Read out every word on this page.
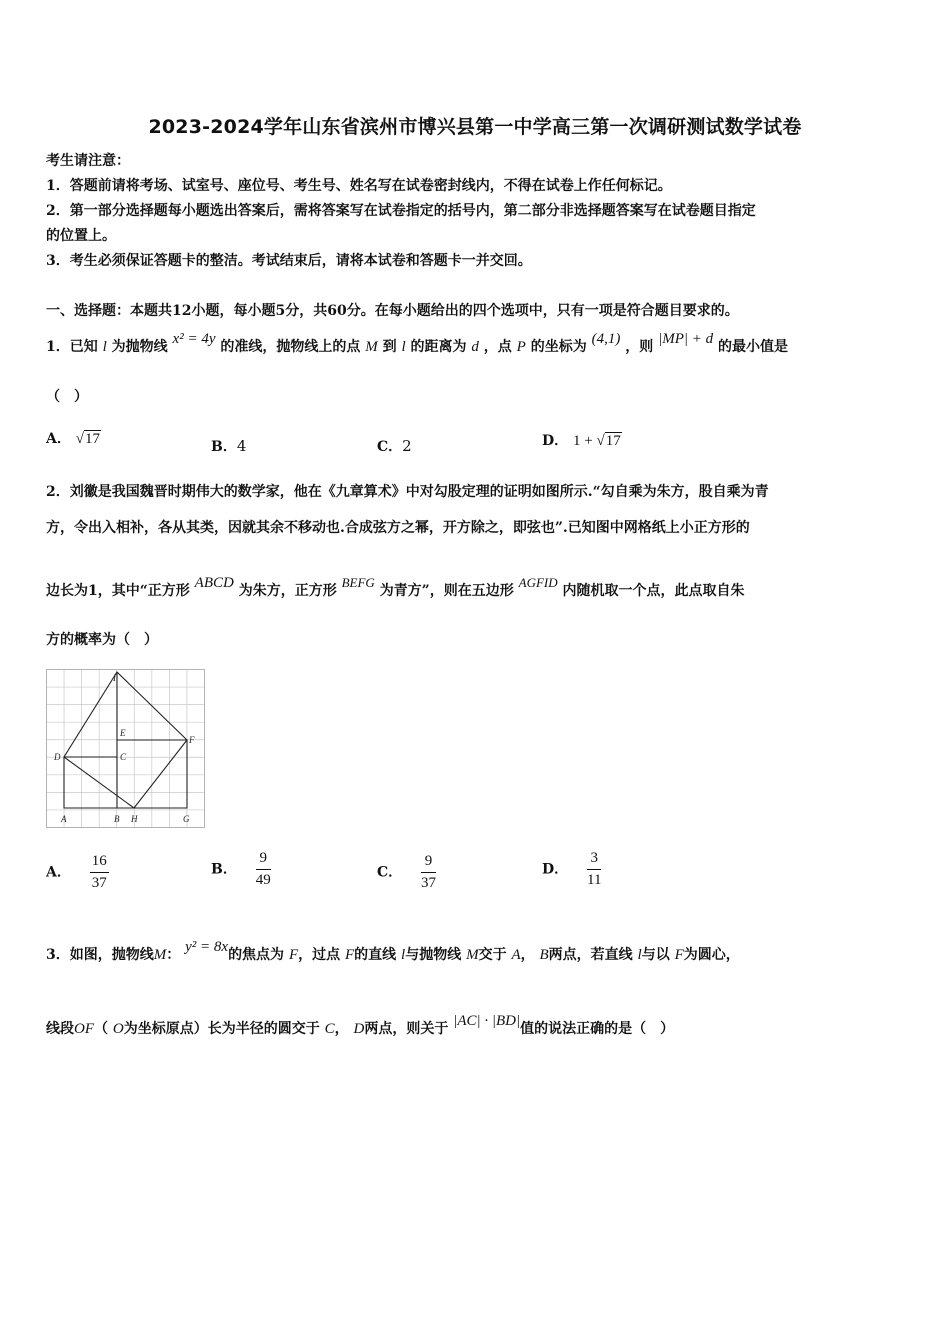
2023-2024学年山东省滨州市博兴县第一中学高三第一次调研测试数学试卷
考生请注意：
1．答题前请将考场、试室号、座位号、考生号、姓名写在试卷密封线内，不得在试卷上作任何标记。
2．第一部分选择题每小题选出答案后，需将答案写在试卷指定的括号内，第二部分非选择题答案写在试卷题目指定
的位置上。
3．考生必须保证答题卡的整洁。考试结束后，请将本试卷和答题卡一并交回。
一、选择题：本题共12小题，每小题5分，共60分。在每小题给出的四个选项中，只有一项是符合题目要求的。
1．已知 l 为抛物线 x² = 4y 的准线，抛物线上的点 M 到 l 的距离为 d ，点 P 的坐标为 (4,1) ，则 |MP| + d 的最小值是
（　）
A． √17	B．4	C．2	D． 1 + √17
2．刘徽是我国魏晋时期伟大的数学家，他在《九章算术》中对勾股定理的证明如图所示.“勾自乘为朱方，股自乘为青
方，令出入相补，各从其类，因就其余不移动也.合成弦方之幂，开方除之，即弦也”.已知图中网格纸上小正方形的
边长为1，其中“正方形 ABCD 为朱方，正方形 BEFG 为青方”，则在五边形 AGFID 内随机取一个点，此点取自朱
方的概率为（　）
I
E
F
D	C
A	B H	G
A． $\frac{16}{37}$	B． $\frac{9}{49}$	C． $\frac{9}{37}$	D． $\frac{3}{11}$
3．如图，抛物线M： y² = 8x的焦点为 F，过点 F的直线 l与抛物线 M交于 A， B两点，若直线 l与以 F为圆心，
线段OF（ O为坐标原点）长为半径的圆交于 C， D两点，则关于 |AC| · |BD|值的说法正确的是（　）
